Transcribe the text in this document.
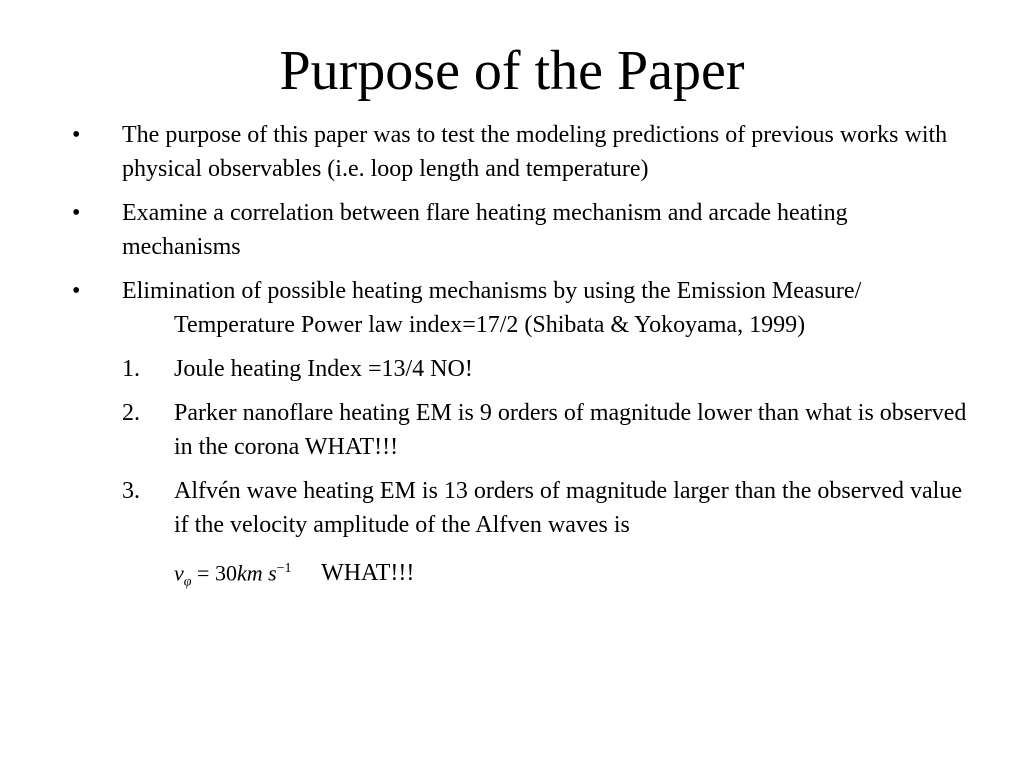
Purpose of the Paper
•	The purpose of this paper was to test the modeling predictions of previous works with physical observables (i.e. loop length and temperature)
•	Examine a correlation between flare heating mechanism and arcade heating mechanisms
•	Elimination of possible heating mechanisms by using the Emission Measure/ Temperature Power law index=17/2 (Shibata & Yokoyama, 1999)
1. Joule heating Index =13/4 NO!
2. Parker nanoflare heating EM is 9 orders of magnitude lower than what is observed in the corona WHAT!!!
3. Alfvén wave heating EM is 13 orders of magnitude larger than the observed value if the velocity amplitude of the Alfven waves is
$v_\varphi = 30km$ $s^{-1}$ WHAT!!!
